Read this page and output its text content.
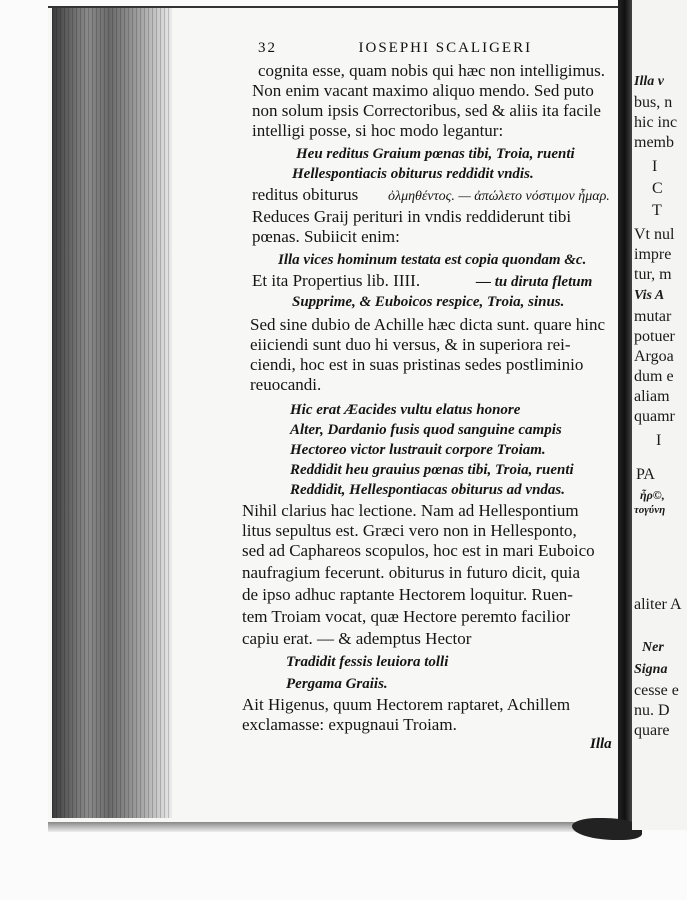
32	IOSEPHI SCALIGERI
cognita esse, quam nobis qui hæc non intelligimus.
Non enim vacant maximo aliquo mendo. Sed puto
non solum ipsis Correctoribus, sed & aliis ita facile
intelligi posse, si hoc modo legantur:
Heu reditus Graium pœnas tibi, Troia, ruenti
Hellespontiacis obiturus reddidit vndis.
reditus obiturus ὀλμηθέντος. — ἀπώλετο νόστιμον ἦμαρ.
Reduces Graij perituri in vndis reddiderunt tibi
pœnas. Subiicit enim:
Illa vices hominum testata est copia quondam &c.
Et ita Propertius lib. IIII.	— tu diruta fletum
Supprime, & Euboicos respice, Troia, sinus.
Sed sine dubio de Achille hæc dicta sunt. quare hinc
eiiciendi sunt duo hi versus, & in superiora rei-
ciendi, hoc est in suas pristinas sedes postliminio
reuocandi.
Hic erat Æacides vultu elatus honore
Alter, Dardanio fusis quod sanguine campis
Hectoreo victor lustrauit corpore Troiam.
Reddidit heu grauius pœnas tibi, Troia, ruenti
Reddidit, Hellespontiacas obiturus ad vndas.
Nihil clarius hac lectione. Nam ad Hellespontium
litus sepultus est. Græci vero non in Hellesponto,
sed ad Caphareos scopulos, hoc est in mari Euboico
naufragium fecerunt. obiturus in futuro dicit, quia
de ipso adhuc raptante Hectorem loquitur. Ruen-
tem Troiam vocat, quæ Hectore peremto facilior
capiu erat. — & ademptus Hector
Tradidit fessis leuiora tolli
Pergama Graiis.
Ait Higenus, quum Hectorem raptaret, Achillem
exclamasse: expugnaui Troiam.
Illa
Illa v
bus, n
hic inc
memb
I
C
T
Vt nul
impre
tur, m
Vis A
mutar
potuer
Argoa
dum e
aliam
quamr
I
PA
ἦρ©,
τογύνη
aliter A
Ner
Signa
cesse e
nu. D
quare
